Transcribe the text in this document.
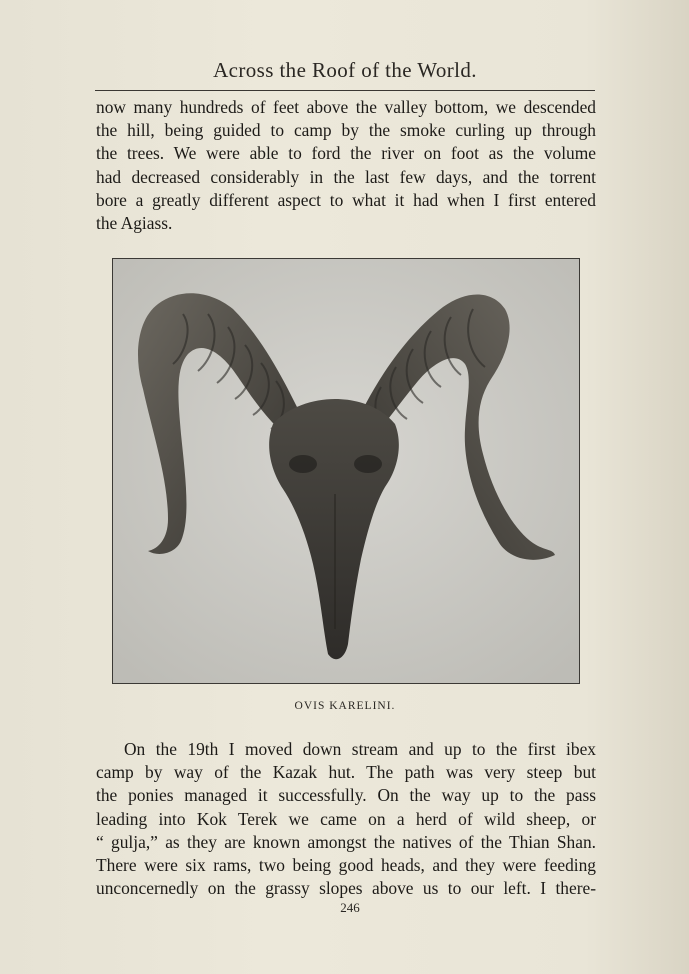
Across the Roof of the World.

now many hundreds of feet above the valley bottom, we descended
the hill, being guided to camp by the smoke curling up through
the trees. We were able to ford the river on foot as the volume
had decreased considerably in the last few days, and the torrent
bore a greatly different aspect to what it had when I first entered
the Agiass.

OVIS KARELINI.

On the 19th I moved down stream and up to the first ibex
camp by way of the Kazak hut. The path was very steep but
the ponies managed it successfully. On the way up to the pass
leading into Kok Terek we came on a herd of wild sheep, or
“ gulja,” as they are known amongst the natives of the Thian Shan.
There were six rams, two being good heads, and they were feeding
unconcernedly on the grassy slopes above us to our left. I there-

246
